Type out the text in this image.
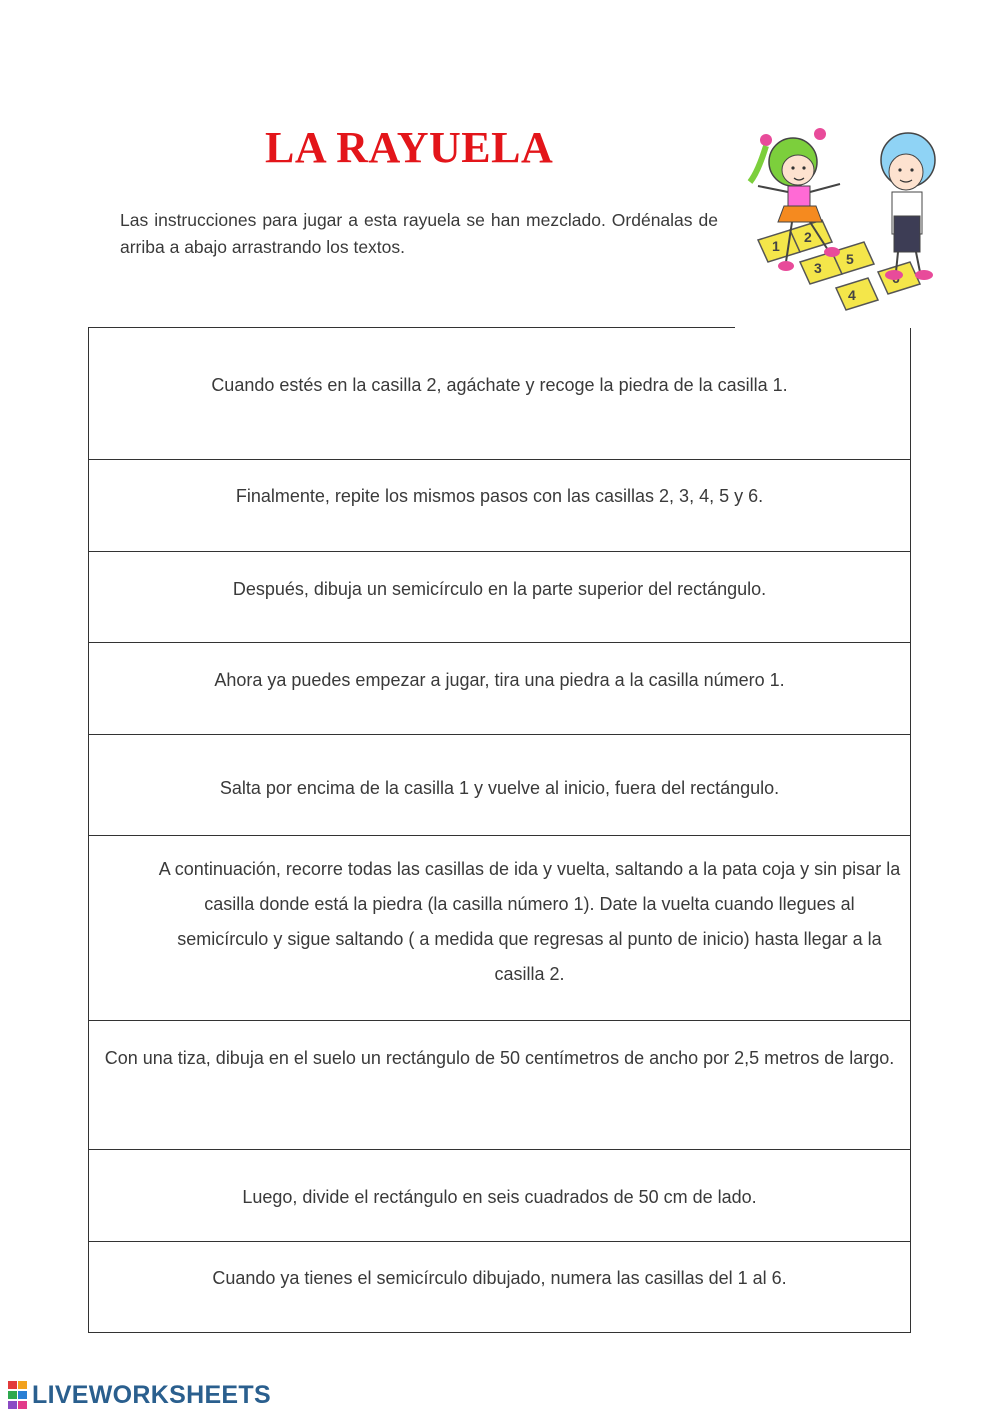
LA RAYUELA
Las instrucciones para jugar a esta rayuela se han mezclado. Ordénalas de arriba a abajo arrastrando los textos.	1
2
3
4
5
Cuando estés en la casilla 2, agáchate y recoge la piedra de la casilla 1.
Finalmente, repite los mismos pasos con las casillas 2, 3, 4, 5 y 6.
Después, dibuja un semicírculo en la parte superior del rectángulo.
Ahora ya puedes empezar a jugar, tira una piedra a la casilla número 1.
Salta por encima de la casilla 1 y vuelve al inicio, fuera del rectángulo.
A continuación, recorre todas las casillas de ida y vuelta, saltando a la pata coja y sin pisar la casilla donde está la piedra (la casilla número 1). Date la vuelta cuando llegues al semicírculo y sigue saltando ( a medida que regresas al punto de inicio) hasta llegar a la casilla 2.
Con una tiza, dibuja en el suelo un rectángulo de 50 centímetros de ancho por 2,5 metros de largo.
Luego, divide el rectángulo en seis cuadrados de 50 cm de lado.
Cuando ya tienes el semicírculo dibujado, numera las casillas del 1 al 6.
LIVEWORKSHEETS
